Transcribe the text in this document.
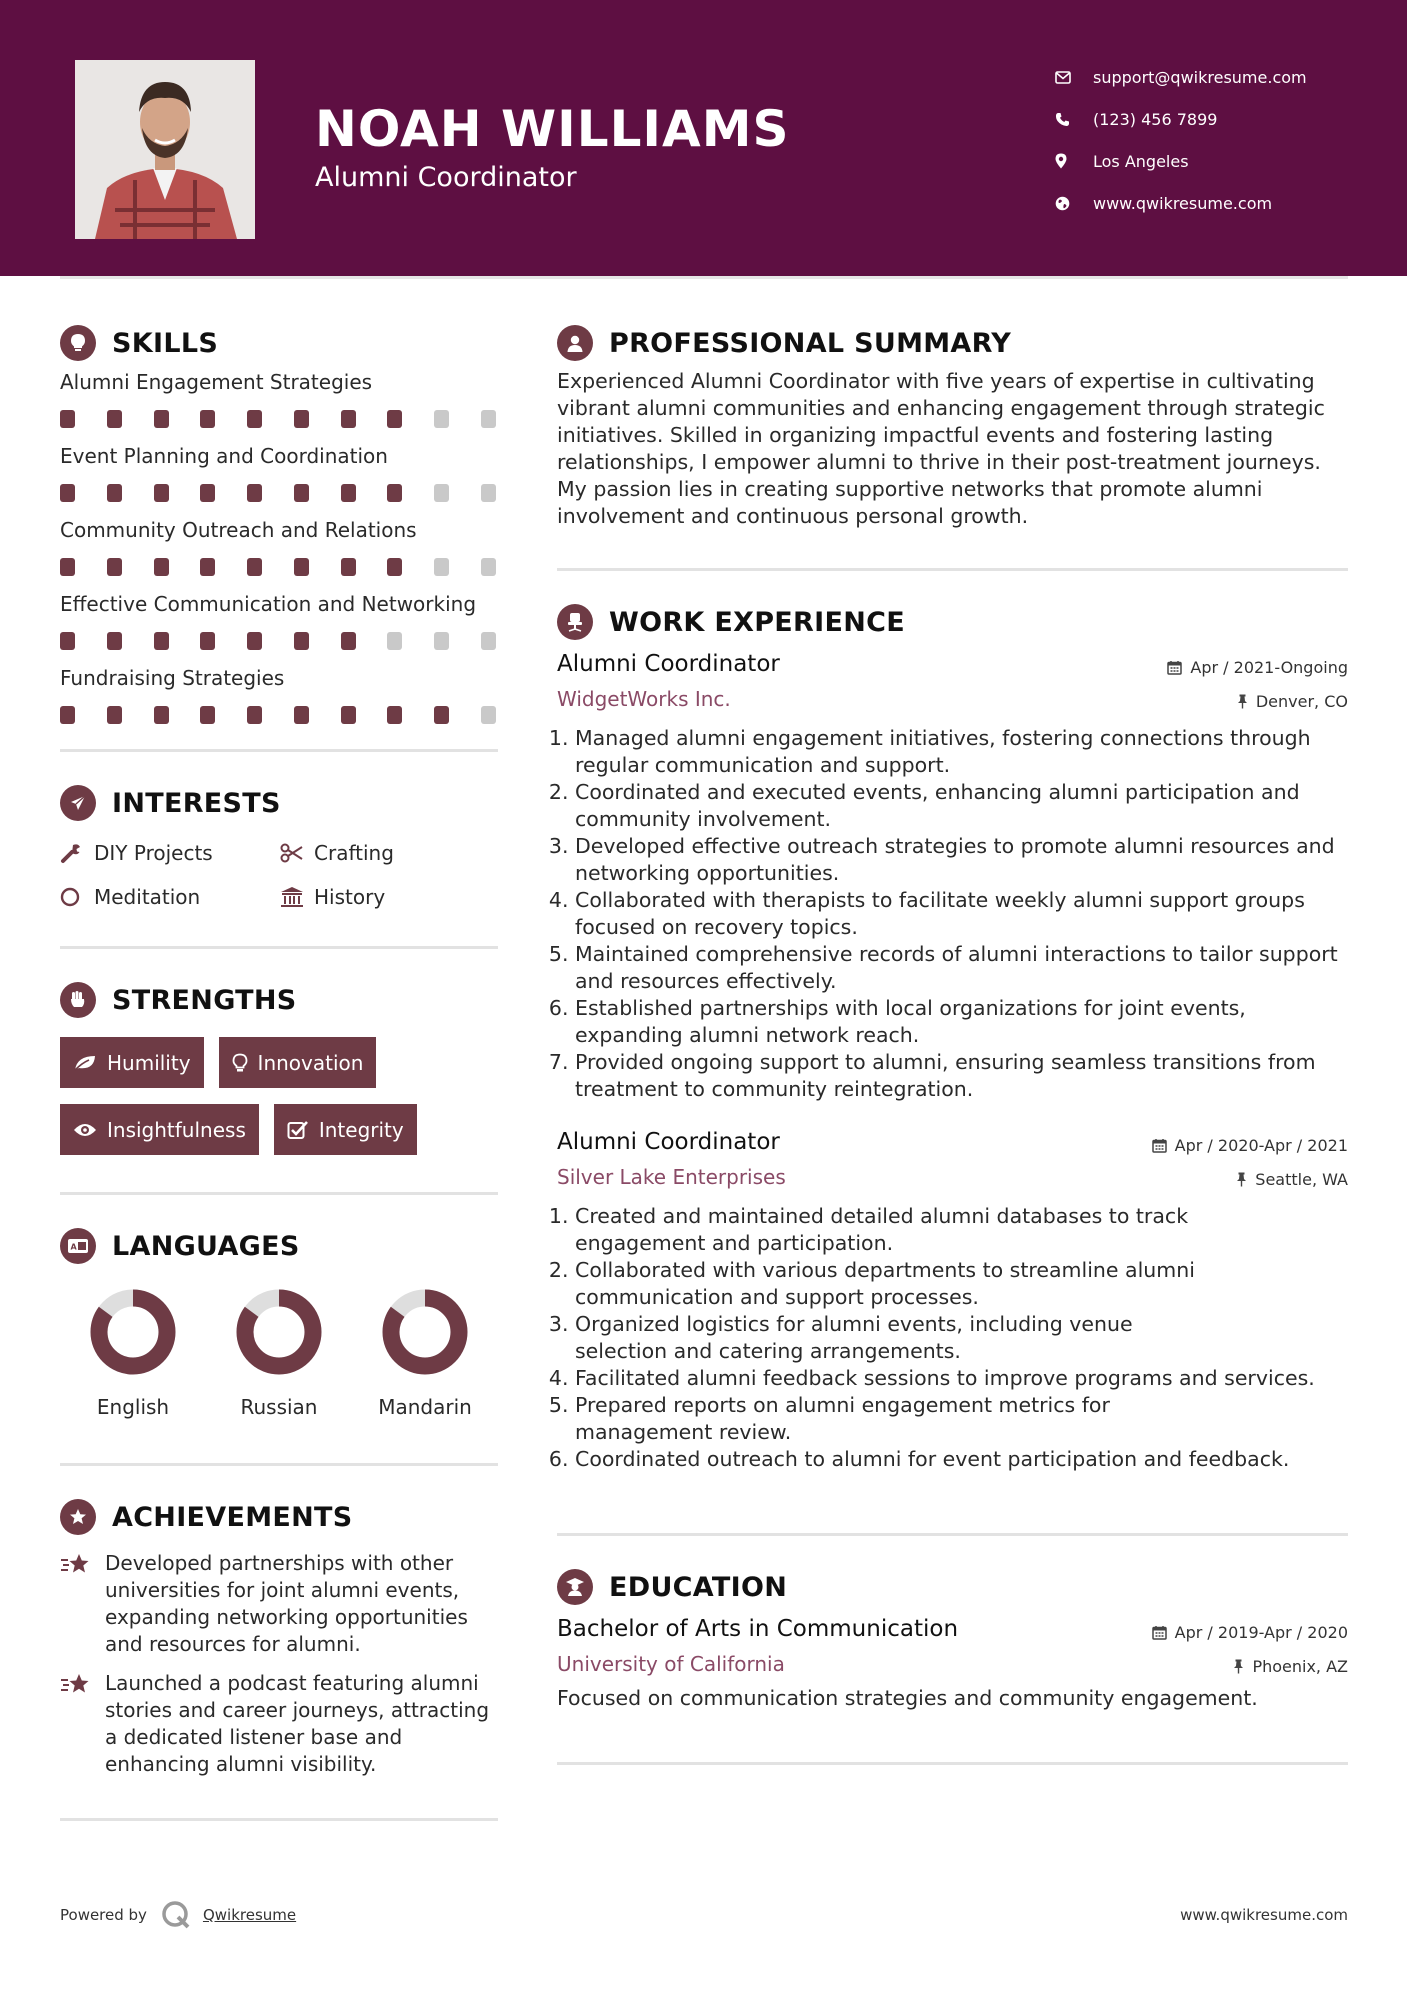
NOAH WILLIAMS
Alumni Coordinator
support@qwikresume.com
(123) 456 7899
Los Angeles
www.qwikresume.com
SKILLS
Alumni Engagement Strategies
Event Planning and Coordination
Community Outreach and Relations
Effective Communication and Networking
Fundraising Strategies
INTERESTS
DIY Projects	Crafting
Meditation	History
STRENGTHS
Humility	Innovation
Insightfulness	Integrity
A LANGUAGES
English	Russian	Mandarin
ACHIEVEMENTS
Developed partnerships with other universities for joint alumni events, expanding networking opportunities and resources for alumni.
Launched a podcast featuring alumni stories and career journeys, attracting a dedicated listener base and enhancing alumni visibility.
PROFESSIONAL SUMMARY
Experienced Alumni Coordinator with five years of expertise in cultivating vibrant alumni communities and enhancing engagement through strategic initiatives. Skilled in organizing impactful events and fostering lasting relationships, I empower alumni to thrive in their post-treatment journeys. My passion lies in creating supportive networks that promote alumni involvement and continuous personal growth.
WORK EXPERIENCE
Alumni Coordinator	Apr / 2021-Ongoing
WidgetWorks Inc.	Denver, CO
1. Managed alumni engagement initiatives, fostering connections through regular communication and support.
2. Coordinated and executed events, enhancing alumni participation and community involvement.
3. Developed effective outreach strategies to promote alumni resources and networking opportunities.
4. Collaborated with therapists to facilitate weekly alumni support groups focused on recovery topics.
5. Maintained comprehensive records of alumni interactions to tailor support and resources effectively.
6. Established partnerships with local organizations for joint events, expanding alumni network reach.
7. Provided ongoing support to alumni, ensuring seamless transitions from treatment to community reintegration.
Alumni Coordinator	Apr / 2020-Apr / 2021
Silver Lake Enterprises	Seattle, WA
1. Created and maintained detailed alumni databases to track engagement and participation.
2. Collaborated with various departments to streamline alumni communication and support processes.
3. Organized logistics for alumni events, including venue selection and catering arrangements.
4. Facilitated alumni feedback sessions to improve programs and services.
5. Prepared reports on alumni engagement metrics for management review.
6. Coordinated outreach to alumni for event participation and feedback.
EDUCATION
Bachelor of Arts in Communication	Apr / 2019-Apr / 2020
University of California	Phoenix, AZ
Focused on communication strategies and community engagement.
Powered by	Qwikresume	www.qwikresume.com
